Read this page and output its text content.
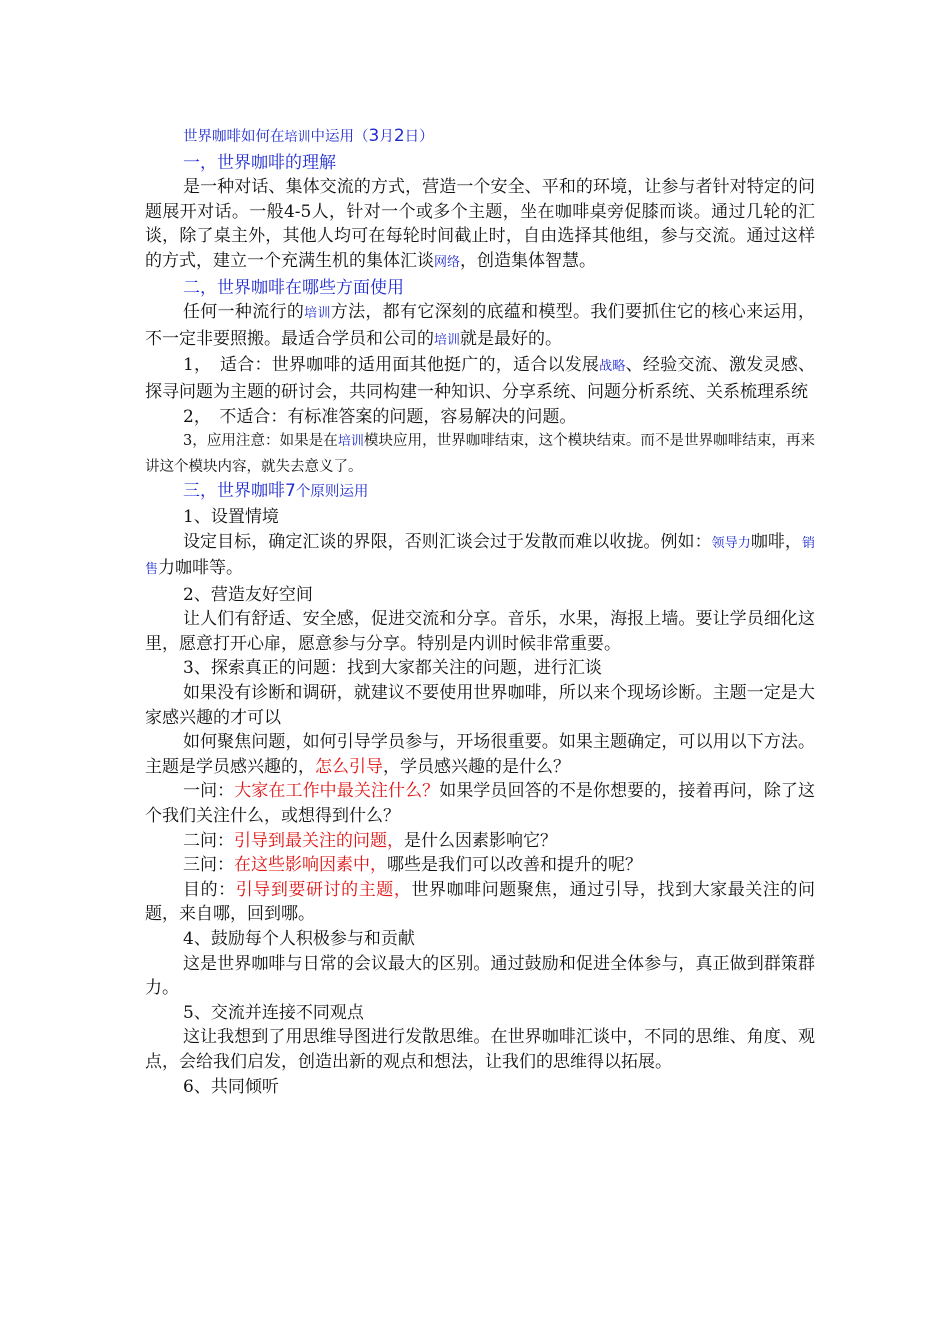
世界咖啡如何在培训中运用（3月2日）

一，世界咖啡的理解

是一种对话、集体交流的方式，营造一个安全、平和的环境，让参与者针对特定的问题展开对话。一般4-5人，针对一个或多个主题，坐在咖啡桌旁促膝而谈。通过几轮的汇谈，除了桌主外，其他人均可在每轮时间截止时，自由选择其他组，参与交流。通过这样的方式，建立一个充满生机的集体汇谈网络，创造集体智慧。

二，世界咖啡在哪些方面使用

任何一种流行的培训方法，都有它深刻的底蕴和模型。我们要抓住它的核心来运用，不一定非要照搬。最适合学员和公司的培训就是最好的。

1，　适合：世界咖啡的适用面其他挺广的，适合以发展战略、经验交流、激发灵感、探寻问题为主题的研讨会，共同构建一种知识、分享系统、问题分析系统、关系梳理系统

2，　不适合：有标准答案的问题，容易解决的问题。

3，应用注意：如果是在培训模块应用，世界咖啡结束，这个模块结束。而不是世界咖啡结束，再来讲这个模块内容，就失去意义了。

三，世界咖啡7个原则运用

1、设置情境

设定目标，确定汇谈的界限，否则汇谈会过于发散而难以收拢。例如：领导力咖啡，销售力咖啡等。

2、营造友好空间

让人们有舒适、安全感，促进交流和分享。音乐，水果，海报上墙。要让学员细化这里，愿意打开心扉，愿意参与分享。特别是内训时候非常重要。

3、探索真正的问题：找到大家都关注的问题，进行汇谈

如果没有诊断和调研，就建议不要使用世界咖啡，所以来个现场诊断。主题一定是大家感兴趣的才可以

如何聚焦问题，如何引导学员参与，开场很重要。如果主题确定，可以用以下方法。主题是学员感兴趣的，怎么引导，学员感兴趣的是什么？

一问：大家在工作中最关注什么？如果学员回答的不是你想要的，接着再问，除了这个我们关注什么，或想得到什么？

二问：引导到最关注的问题，是什么因素影响它？

三问：在这些影响因素中，哪些是我们可以改善和提升的呢？

目的：引导到要研讨的主题，世界咖啡问题聚焦，通过引导，找到大家最关注的问题，来自哪，回到哪。

4、鼓励每个人积极参与和贡献

这是世界咖啡与日常的会议最大的区别。通过鼓励和促进全体参与，真正做到群策群力。

5、交流并连接不同观点

这让我想到了用思维导图进行发散思维。在世界咖啡汇谈中，不同的思维、角度、观点，会给我们启发，创造出新的观点和想法，让我们的思维得以拓展。

6、共同倾听
